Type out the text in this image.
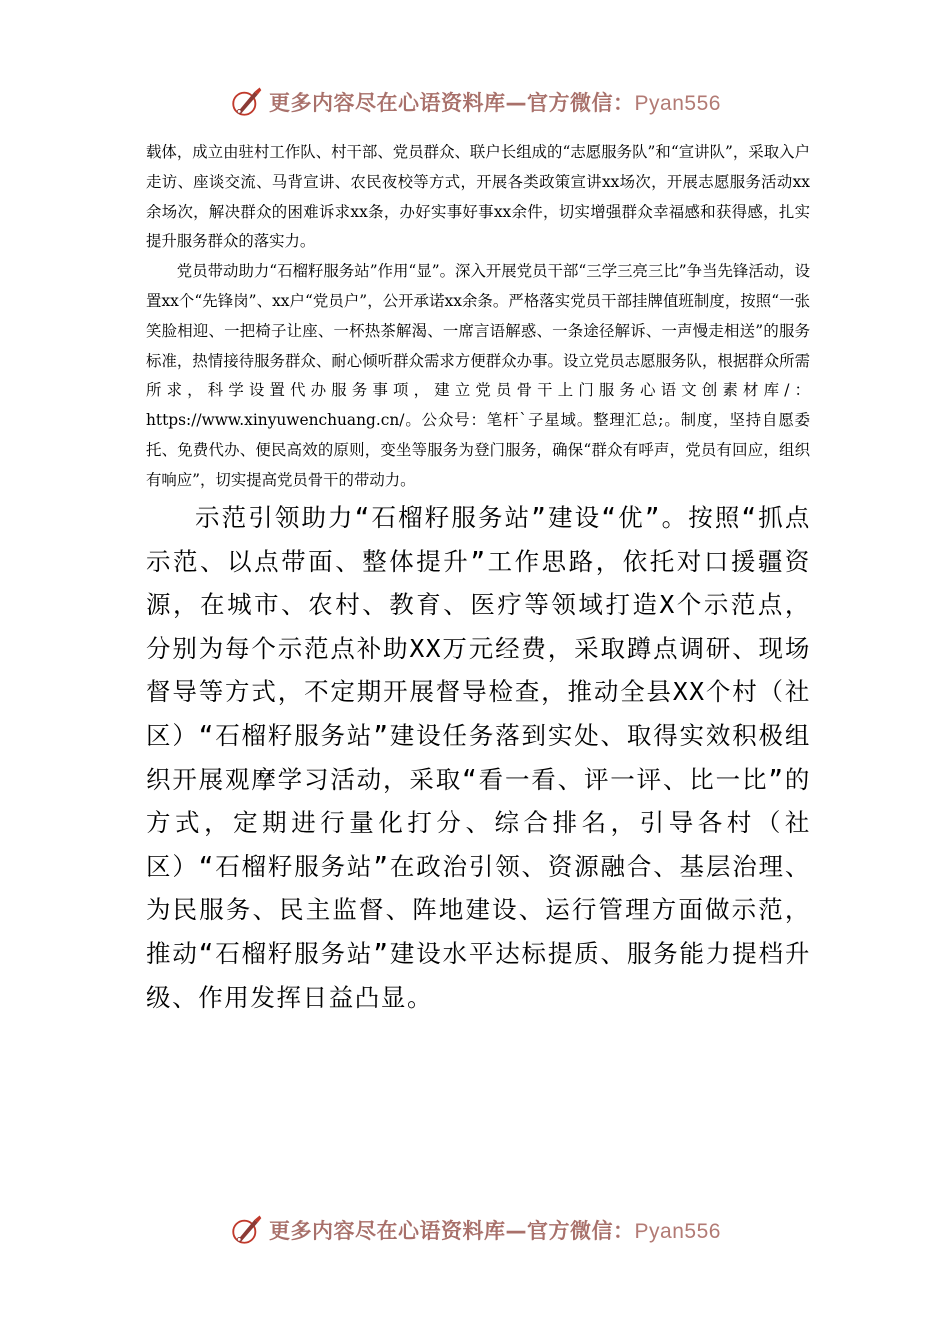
更多内容尽在心语资料库—官方微信：Pyan556

载体，成立由驻村工作队、村干部、党员群众、联户长组成的“志愿服务队”和“宣讲队”，采取入户走访、座谈交流、马背宣讲、农民夜校等方式，开展各类政策宣讲xx场次，开展志愿服务活动xx余场次，解决群众的困难诉求xx条，办好实事好事xx余件，切实增强群众幸福感和获得感，扎实提升服务群众的落实力。

党员带动助力“石榴籽服务站”作用“显”。深入开展党员干部“三学三亮三比”争当先锋活动，设置xx个“先锋岗”、xx户“党员户”，公开承诺xx余条。严格落实党员干部挂牌值班制度，按照“一张笑脸相迎、一把椅子让座、一杯热茶解渴、一席言语解惑、一条途径解诉、一声慢走相送”的服务标准，热情接待服务群众、耐心倾听群众需求方便群众办事。设立党员志愿服务队，根据群众所需所求，科学设置代办服务事项，建立党员骨干上门服务心语文创素材库/：https://www.xinyuwenchuang.cn/。公众号：笔杆`子星域。整理汇总;。制度，坚持自愿委托、免费代办、便民高效的原则，变坐等服务为登门服务，确保“群众有呼声，党员有回应，组织有响应”，切实提高党员骨干的带动力。

示范引领助力“石榴籽服务站”建设“优”。按照“抓点示范、以点带面、整体提升”工作思路，依托对口援疆资源，在城市、农村、教育、医疗等领域打造X个示范点，分别为每个示范点补助XX万元经费，采取蹲点调研、现场督导等方式，不定期开展督导检查，推动全县XX个村（社区）“石榴籽服务站”建设任务落到实处、取得实效积极组织开展观摩学习活动，采取“看一看、评一评、比一比”的方式，定期进行量化打分、综合排名，引导各村（社区）“石榴籽服务站”在政治引领、资源融合、基层治理、为民服务、民主监督、阵地建设、运行管理方面做示范，推动“石榴籽服务站”建设水平达标提质、服务能力提档升级、作用发挥日益凸显。

更多内容尽在心语资料库—官方微信：Pyan556
